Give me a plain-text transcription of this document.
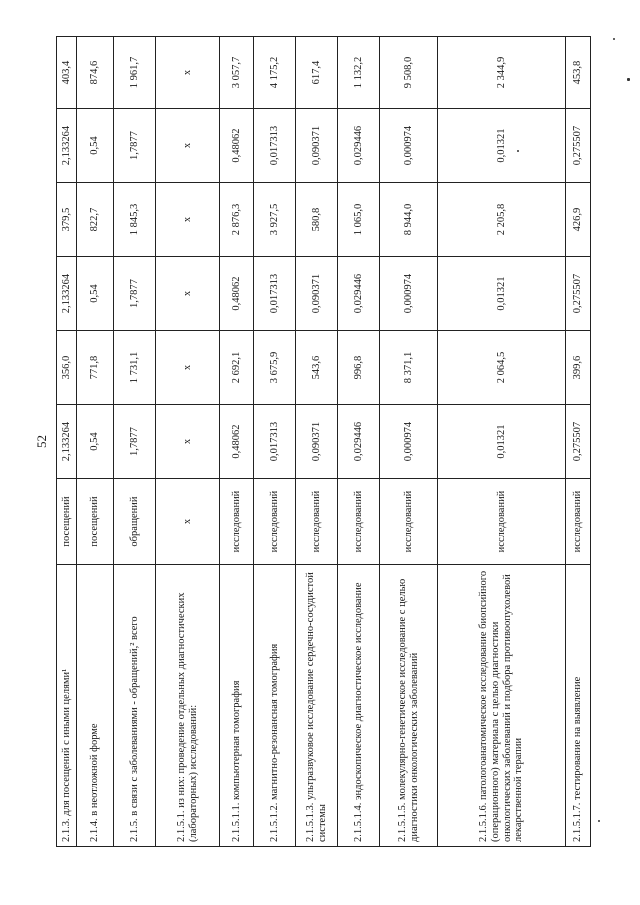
52
2.1.3. для посещений с иными целями¹	посещений	2,133264	356,0	2,133264	379,5	2,133264	403,4
2.1.4. в неотложной форме	посещений	0,54	771,8	0,54	822,7	0,54	874,6
2.1.5. в связи с заболеваниями - обращений,² всего	обращений	1,7877	1 731,1	1,7877	1 845,3	1,7877	1 961,7
2.1.5.1. из них: проведение отдельных диагностических (лабораторных) исследований:	х	х	х	х	х	х	х
2.1.5.1.1. компьютерная томография	исследований	0,48062	2 692,1	0,48062	2 876,3	0,48062	3 057,7
2.1.5.1.2. магнитно-резонансная томография	исследований	0,017313	3 675,9	0,017313	3 927,5	0,017313	4 175,2
2.1.5.1.3. ультразвуковое исследование сердечно-сосудистой системы	исследований	0,090371	543,6	0,090371	580,8	0,090371	617,4
2.1.5.1.4. эндоскопическое диагностическое исследование	исследований	0,029446	996,8	0,029446	1 065,0	0,029446	1 132,2
2.1.5.1.5. молекулярно-генетическое исследование с целью диагностики онкологических заболеваний	исследований	0,000974	8 371,1	0,000974	8 944,0	0,000974	9 508,0
2.1.5.1.6. патологоанатомическое исследование биопсийного (операционного) материала с целью диагностики онкологических заболеваний и подбора противоопухолевой лекарственной терапии	исследований	0,01321	2 064,5	0,01321	2 205,8	0,01321	2 344,9
2.1.5.1.7. тестирование на выявление	исследований	0,275507	399,6	0,275507	426,9	0,275507	453,8
